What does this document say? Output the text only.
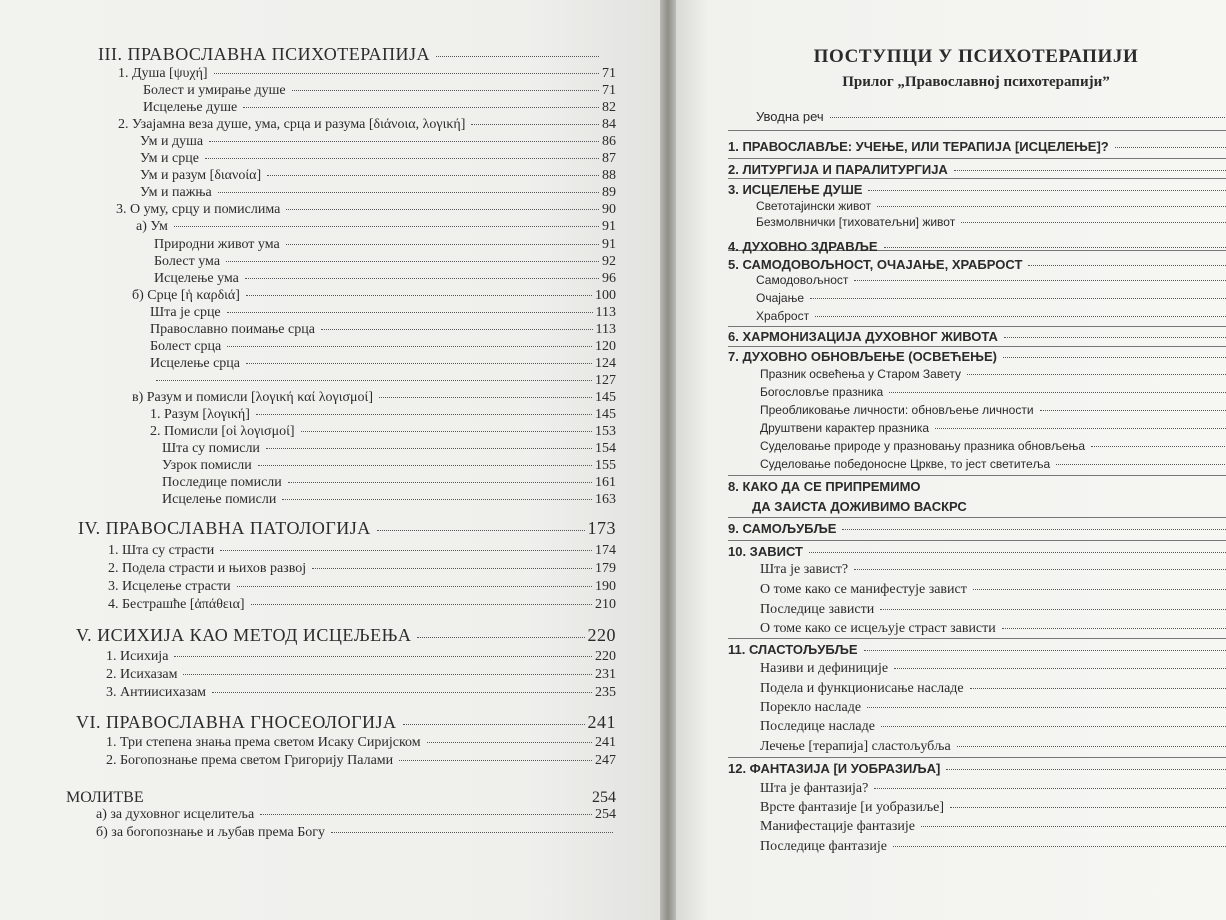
III. ПРАВОСЛАВНА ПСИХОТЕРАПИЈА
1. Душа [ψυχή]	71
Болест и умирање душе	71
Исцелење душе	82
2. Узајамна веза душе, ума, срца и разума [διάνοια, λογική]	84
Ум и душа	86
Ум и срце	87
Ум и разум [διανοία]	88
Ум и пажња	89
3. О уму, срцу и помислима	90
а) Ум	91
Природни живот ума	91
Болест ума	92
Исцелење ума	96
б) Срце [ἡ καρδιά]	100
Шта је срце	113
Православно поимање срца	113
Болест срца	120
Исцелење срца	124
127
в) Разум и помисли [λογική καί λογισμοί]	145
1. Разум [λογική]	145
2. Помисли [οἱ λογισμοί]	153
Шта су помисли	154
Узрок помисли	155
Последице помисли	161
Исцелење помисли	163
IV. ПРАВОСЛАВНА ПАТОЛОГИЈА	173
1. Шта су страсти	174
2. Подела страсти и њихов развој	179
3. Исцелење страсти	190
4. Бестрашће [ἀπάθεια]	210
V. ИСИХИЈА КАО МЕТОД ИСЦЕЉЕЊА	220
1. Исихија	220
2. Исихазам	231
3. Антиисихазам	235
VI. ПРАВОСЛАВНА ГНОСЕОЛОГИЈА	241
1. Три степена знања према светом Исаку Сиријском	241
2. Богопознање према светом Григорију Палами	247
МОЛИТВЕ	254
а) за духовног исцелитеља	254
б) за богопознање и љубав према Богу
ПОСТУПЦИ У ПСИХОТЕРАПИЈИ
Прилог „Православној психотерапији”
Уводна реч
1. ПРАВОСЛАВЉЕ: УЧЕЊЕ, ИЛИ ТЕРАПИЈА [ИСЦЕЛЕЊЕ]?
2. ЛИТУРГИЈА И ПАРАЛИТУРГИЈА
3. ИСЦЕЛЕЊЕ ДУШЕ
Светотајински живот
Безмолвнички [тиховатељни] живот
4. ДУХОВНО ЗДРАВЉЕ
5. САМОДОВОЉНОСТ, ОЧАЈАЊЕ, ХРАБРОСТ
Самодовољност
Очајање
Храброст
6. ХАРМОНИЗАЦИЈА ДУХОВНОГ ЖИВОТА
7. ДУХОВНО ОБНОВЉЕЊЕ (ОСВЕЋЕЊЕ)
Празник освећења у Старом Завету
Богословље празника
Преобликовање личности: обновљење личности
Друштвени карактер празника
Суделовање природе у празновању празника обновљења
Суделовање победоносне Цркве, то јест светитеља
8. КАКО ДА СЕ ПРИПРЕМИМО
ДА ЗАИСТА ДОЖИВИМО ВАСКРС
9. САМОЉУБЉЕ
10. ЗАВИСТ
Шта је завист?
О томе како се манифестује завист
Последице зависти
О томе како се исцељује страст зависти
11. СЛАСТОЉУБЉЕ
Називи и дефиниције
Подела и функционисање насладе
Порекло насладе
Последице насладе
Лечење [терапија] сластољубља
12. ФАНТАЗИЈА [И УОБРАЗИЉА]
Шта је фантазија?
Врсте фантазије [и уобразиље]
Манифестације фантазије
Последице фантазије
